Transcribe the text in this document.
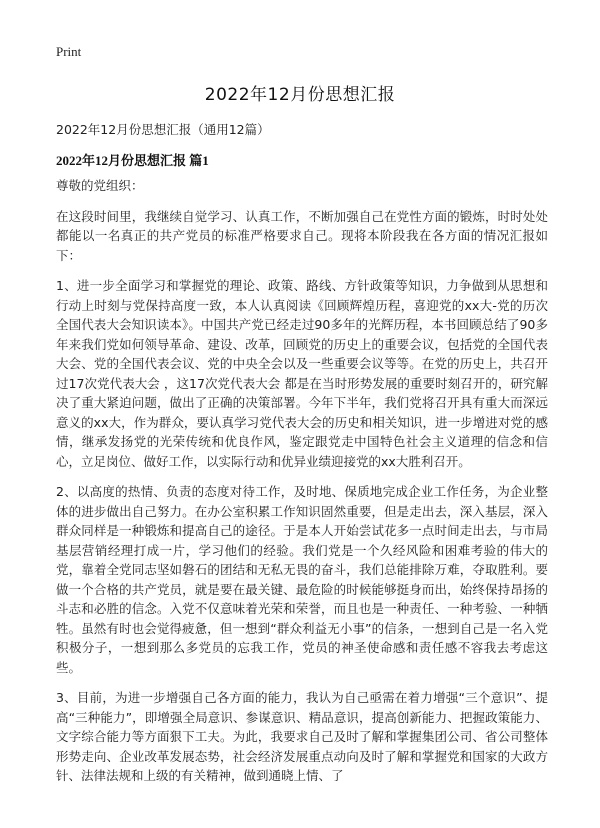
Print
2022年12月份思想汇报
2022年12月份思想汇报（通用12篇）
2022年12月份思想汇报 篇1

尊敬的党组织：

在这段时间里，我继续自觉学习、认真工作，不断加强自己在党性方面的锻炼，时时处处都能以一名真正的共产党员的标准严格要求自己。现将本阶段我在各方面的情况汇报如下：

1、进一步全面学习和掌握党的理论、政策、路线、方针政策等知识，力争做到从思想和行动上时刻与党保持高度一致，本人认真阅读《回顾辉煌历程，喜迎党的xx大-党的历次全国代表大会知识读本》。中国共产党已经走过90多年的光辉历程，本书回顾总结了90多年来我们党如何领导革命、建设、改革，回顾党的历史上的重要会议，包括党的全国代表大会、党的全国代表会议、党的中央全会以及一些重要会议等等。在党的历史上，共召开过17次党代表大会 ，这17次党代表大会 都是在当时形势发展的重要时刻召开的，研究解决了重大紧迫问题，做出了正确的决策部署。今年下半年，我们党将召开具有重大而深远意义的xx大，作为群众，要认真学习党代表大会的历史和相关知识，进一步增进对党的感情，继承发扬党的光荣传统和优良作风，鉴定跟党走中国特色社会主义道理的信念和信心，立足岗位、做好工作，以实际行动和优异业绩迎接党的xx大胜利召开。

2、以高度的热情、负责的态度对待工作，及时地、保质地完成企业工作任务，为企业整体的进步做出自己努力。在办公室积累工作知识固然重要，但是走出去，深入基层，深入群众同样是一种锻炼和提高自己的途径。于是本人开始尝试花多一点时间走出去，与市局基层营销经理打成一片，学习他们的经验。我们党是一个久经风险和困难考验的伟大的党，靠着全党同志坚如磐石的团结和无私无畏的奋斗，我们总能排除万难，夺取胜利。要做一个合格的共产党员，就是要在最关键、最危险的时候能够挺身而出，始终保持昂扬的斗志和必胜的信念。入党不仅意味着光荣和荣誉，而且也是一种责任、一种考验、一种牺牲。虽然有时也会觉得疲惫，但一想到“群众利益无小事”的信条，一想到自己是一名入党积极分子，一想到那么多党员的忘我工作，党员的神圣使命感和责任感不容我去考虑这些。

3、目前，为进一步增强自己各方面的能力，我认为自己亟需在着力增强“三个意识”、提高“三种能力”，即增强全局意识、参谋意识、精品意识，提高创新能力、把握政策能力、文字综合能力等方面狠下工夫。为此，我要求自己及时了解和掌握集团公司、省公司整体形势走向、企业改革发展态势，社会经济发展重点动向及时了解和掌握党和国家的大政方针、法律法规和上级的有关精神，做到通晓上情、了
